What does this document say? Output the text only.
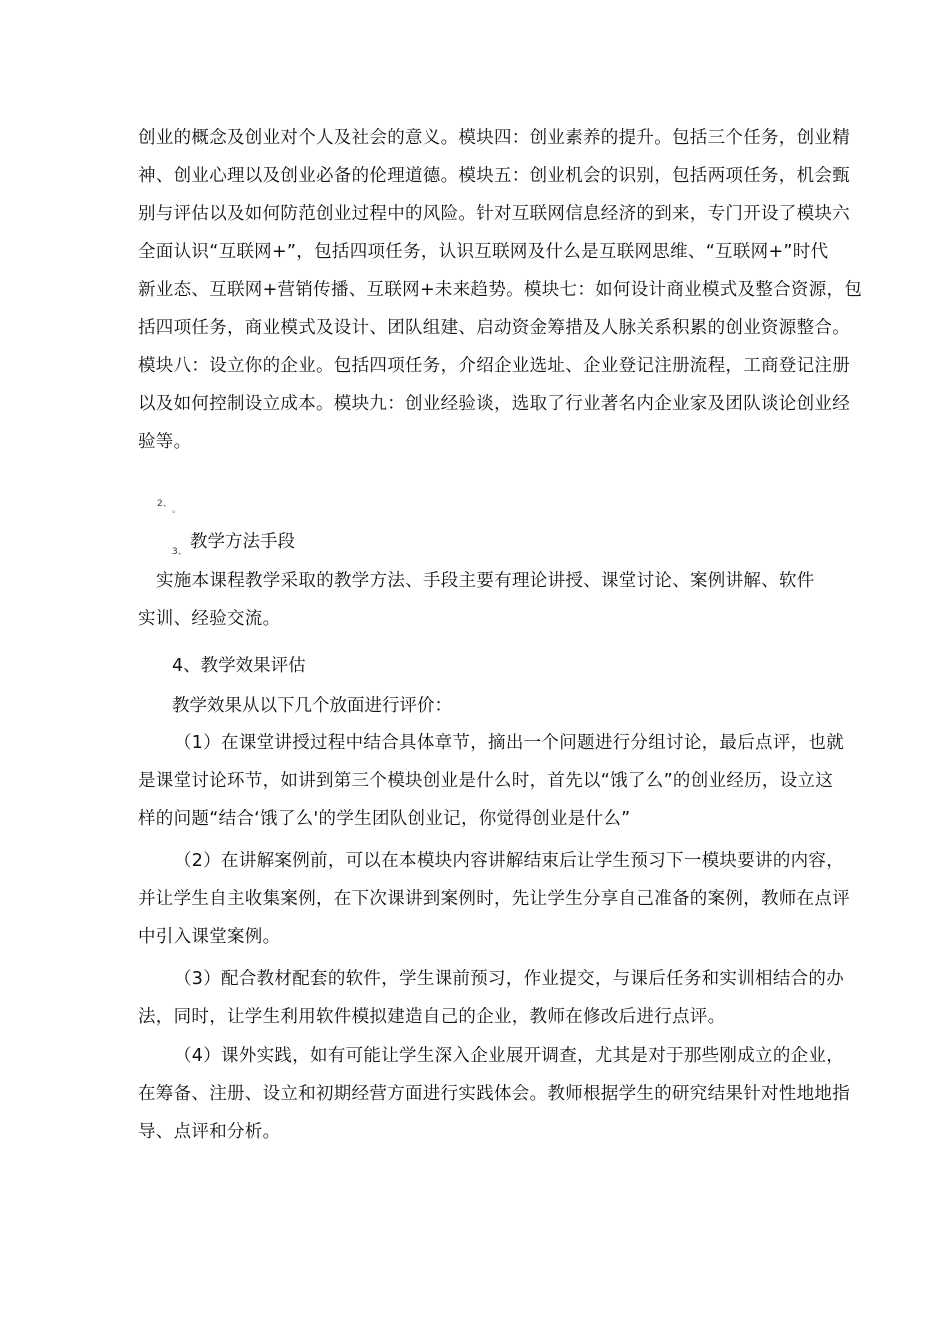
创业的概念及创业对个人及社会的意义。模块四：创业素养的提升。包括三个任务，创业精
神、创业心理以及创业必备的伦理道德。模块五：创业机会的识别，包括两项任务，机会甄
别与评估以及如何防范创业过程中的风险。针对互联网信息经济的到来，专门开设了模块六
全面认识“互联网+”，包括四项任务，认识互联网及什么是互联网思维、“互联网+”时代
新业态、互联网+营销传播、互联网+未来趋势。模块七：如何设计商业模式及整合资源，包
括四项任务，商业模式及设计、团队组建、启动资金筹措及人脉关系积累的创业资源整合。
模块八：设立你的企业。包括四项任务，介绍企业选址、企业登记注册流程，工商登记注册
以及如何控制设立成本。模块九：创业经验谈，选取了行业著名内企业家及团队谈论创业经
验等。
2、
。
3、 教学方法手段
实施本课程教学采取的教学方法、手段主要有理论讲授、课堂讨论、案例讲解、软件
实训、经验交流。
4、教学效果评估
教学效果从以下几个放面进行评价：
（1）在课堂讲授过程中结合具体章节，摘出一个问题进行分组讨论，最后点评，也就
是课堂讨论环节，如讲到第三个模块创业是什么时，首先以“饿了么”的创业经历，设立这
样的问题“结合‘饿了么'的学生团队创业记，你觉得创业是什么”
（2）在讲解案例前，可以在本模块内容讲解结束后让学生预习下一模块要讲的内容，
并让学生自主收集案例，在下次课讲到案例时，先让学生分享自己准备的案例，教师在点评
中引入课堂案例。
（3）配合教材配套的软件，学生课前预习，作业提交，与课后任务和实训相结合的办
法，同时，让学生利用软件模拟建造自己的企业，教师在修改后进行点评。
（4）课外实践，如有可能让学生深入企业展开调查，尤其是对于那些刚成立的企业，
在筹备、注册、设立和初期经营方面进行实践体会。教师根据学生的研究结果针对性地地指
导、点评和分析。
